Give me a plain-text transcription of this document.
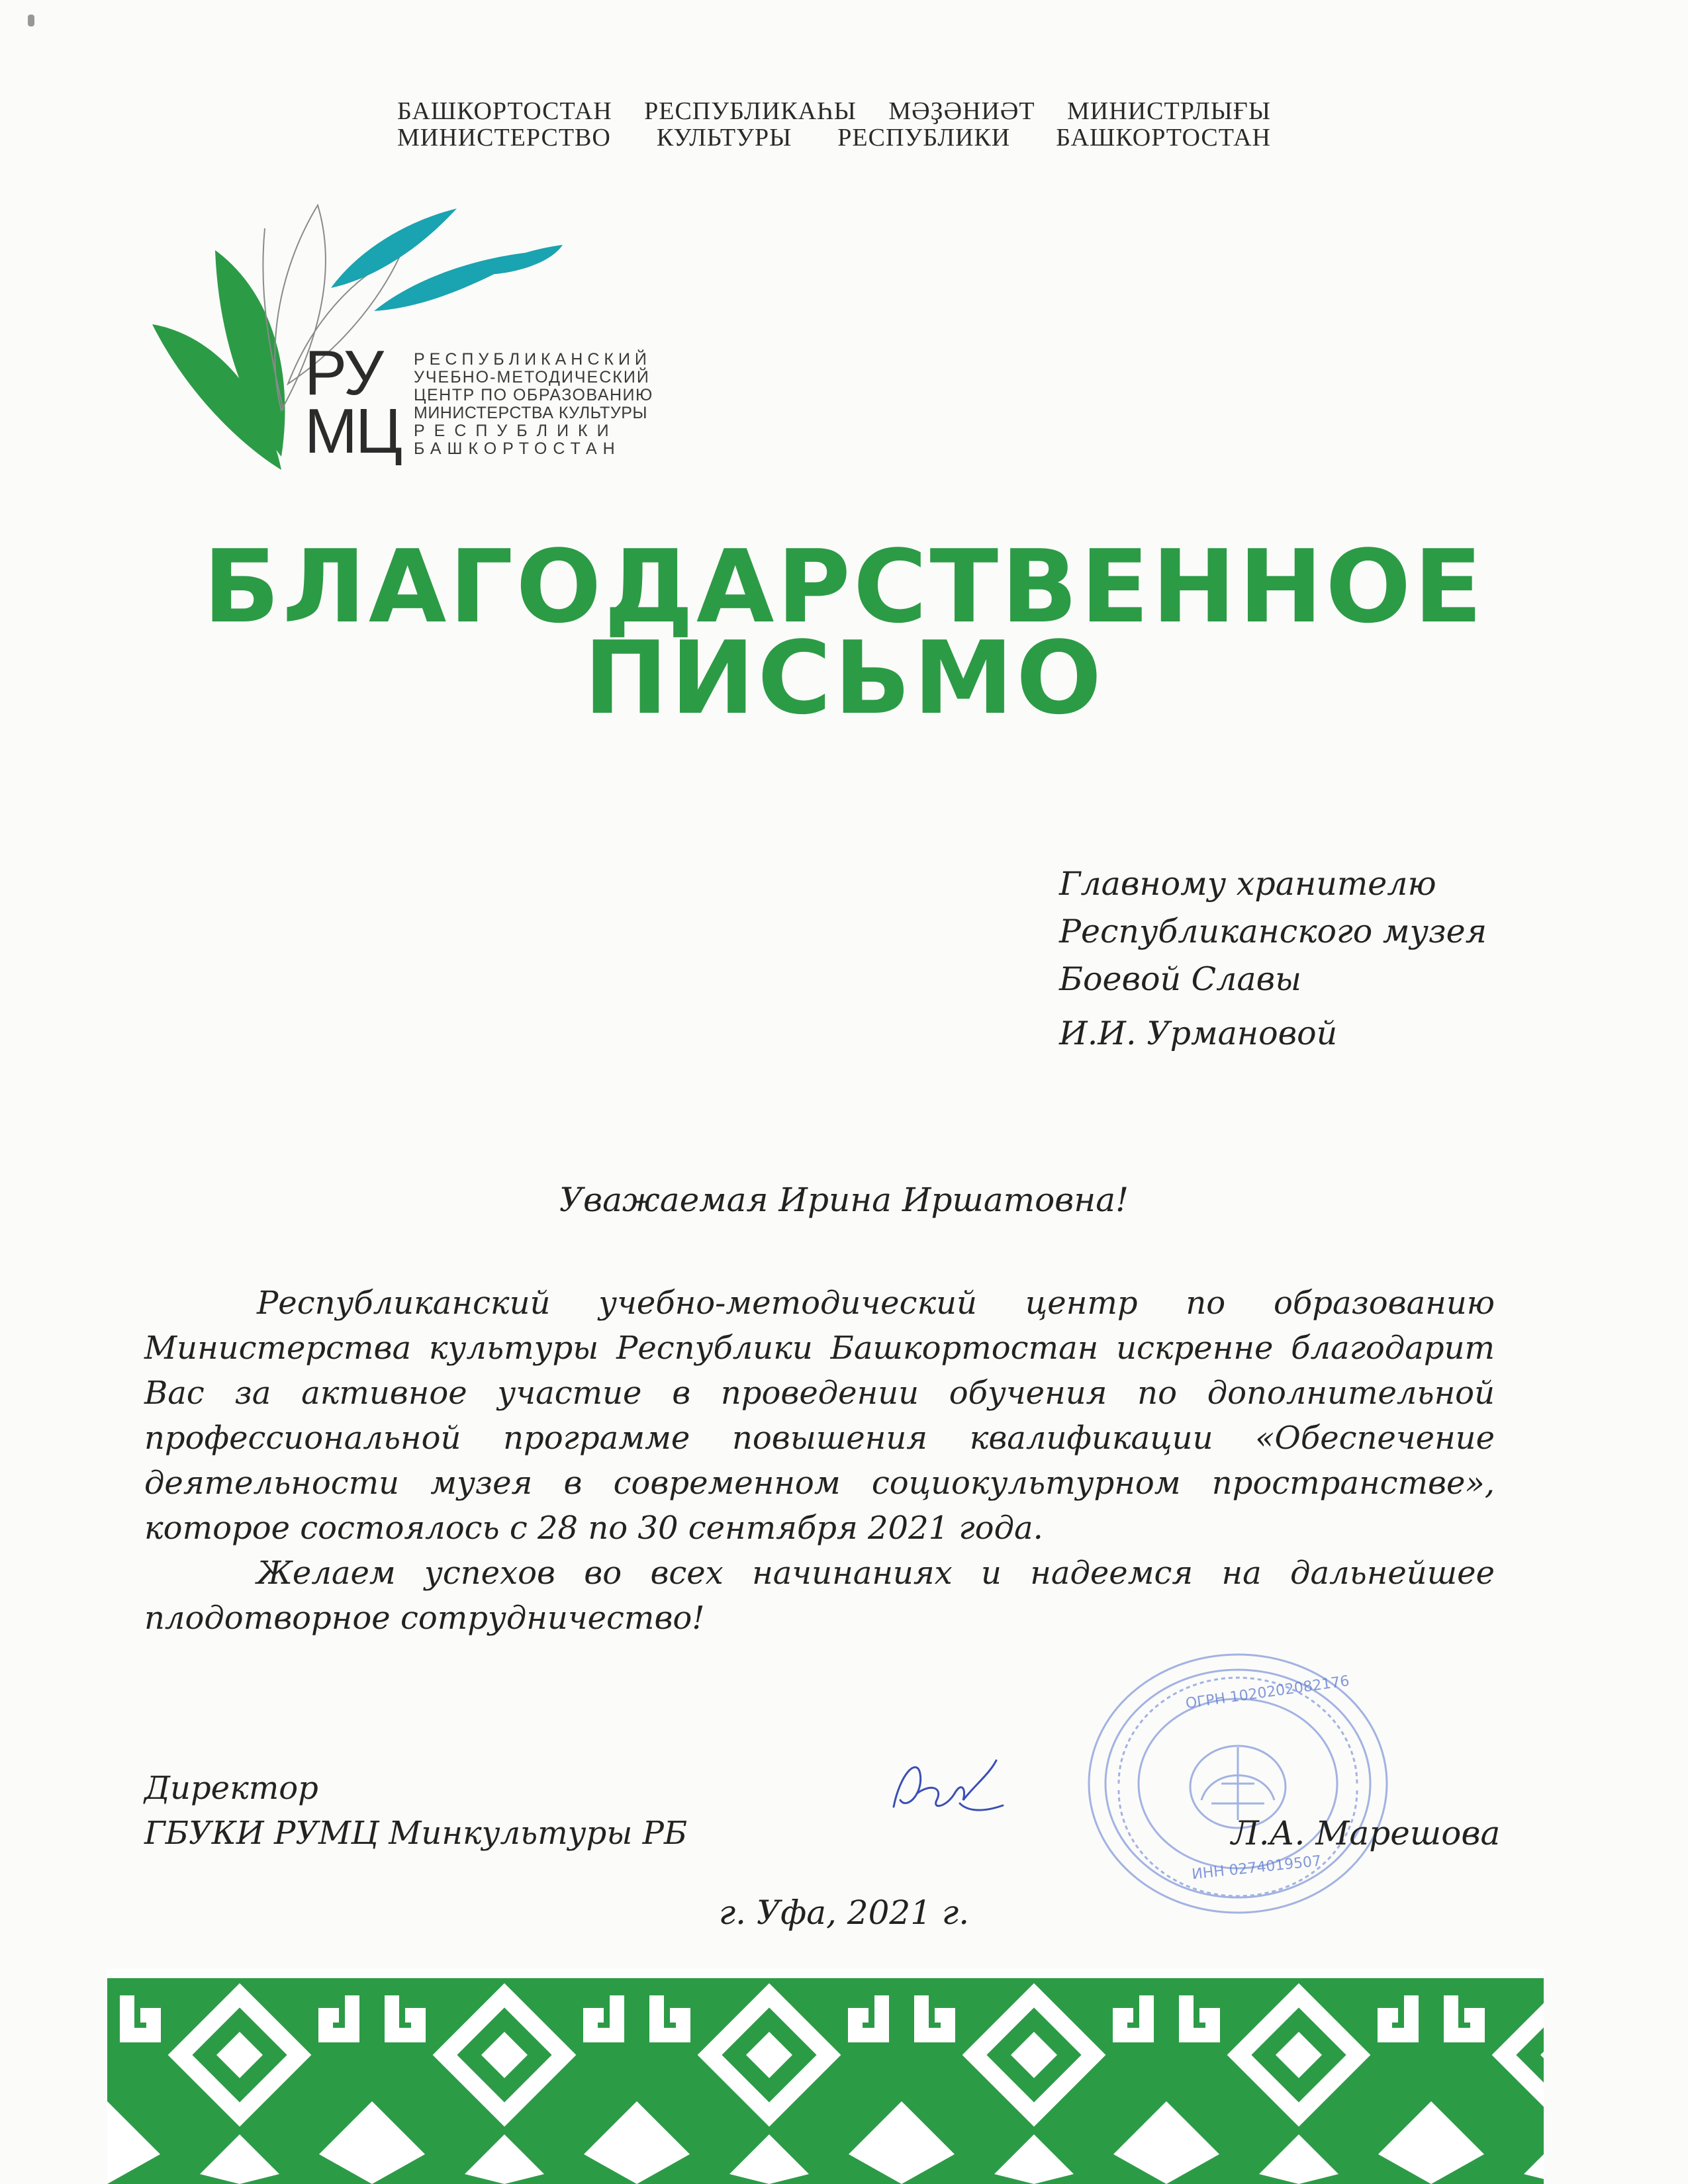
БАШКОРТОСТАН РЕСПУБЛИКАҺЫ МӘҘӘНИӘТ МИНИСТРЛЫҒЫ
МИНИСТЕРСТВО КУЛЬТУРЫ РЕСПУБЛИКИ БАШКОРТОСТАН
РУ
МЦ
РЕСПУБЛИКАНСКИЙ
УЧЕБНО-МЕТОДИЧЕСКИЙ
ЦЕНТР ПО ОБРАЗОВАНИЮ
МИНИСТЕРСТВА КУЛЬТУРЫ
РЕСПУБЛИКИ
БАШКОРТОСТАН
БЛАГОДАРСТВЕННОЕ
ПИСЬМО
Главному хранителю
Республиканского музея
Боевой Славы
И.И. Урмановой
Уважаемая Ирина Иршатовна!

Республиканский учебно-методический центр по образованию Министерства культуры Республики Башкортостан искренне благодарит Вас за активное участие в проведении обучения по дополнительной профессиональной программе повышения квалификации «Обеспечение деятельности музея в современном социокультурном пространстве», которое состоялось с 28 по 30 сентября 2021 года.

Желаем успехов во всех начинаниях и надеемся на дальнейшее плодотворное сотрудничество!

Директор
ГБУКИ РУМЦ Минкультуры РБ
ОГРН 1020202082176
ИНН 0274019507
Л.А. Марешова
г. Уфа, 2021 г.
